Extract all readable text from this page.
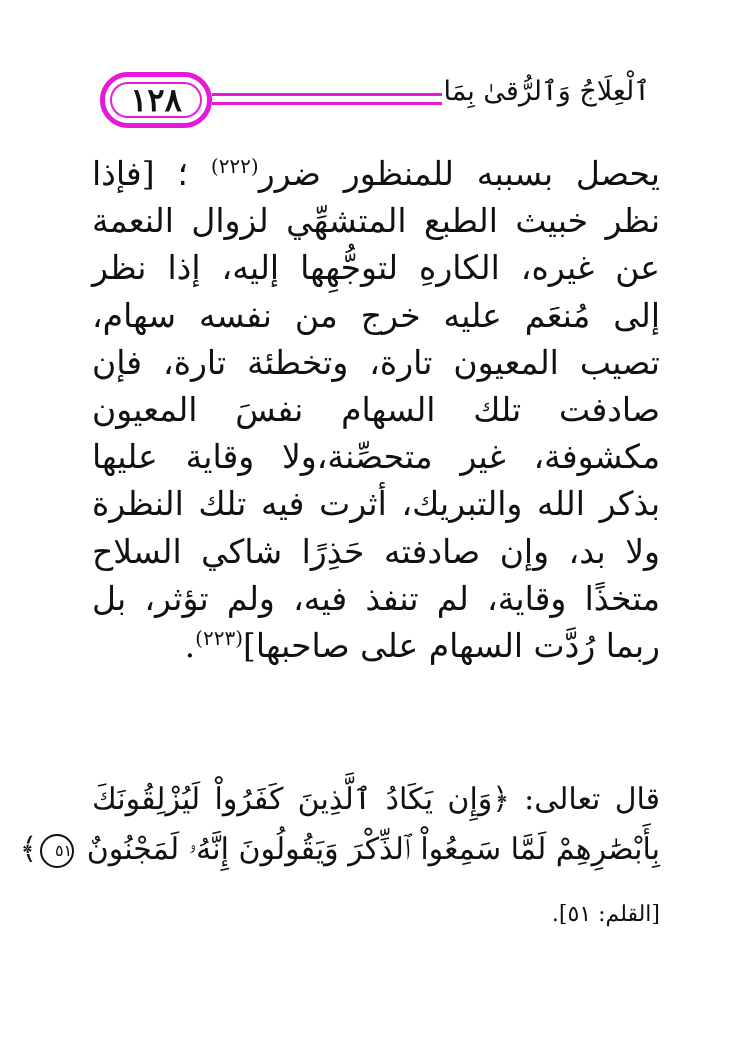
١٢٨	ٱلْعِلَاجُ وَٱلرُّقىٰ بِمَا
يحصل بسببه للمنظور ضرر$^{(٢٢٢)}$ ؛ [فإذا
نظر خبيث الطبع المتشهِّي لزوال النعمة
عن غيره، الكارهِ لتوجُّهِها إليه، إذا نظر
إلى مُنعَم عليه خرج من نفسه سهام،
تصيب المعيون تارة، وتخطئة تارة، فإن
صادفت تلك السهام نفسَ المعيون
مكشوفة، غير متحصِّنة،ولا وقاية عليها
بذكر الله والتبريك، أثرت فيه تلك النظرة
ولا بد، وإن صادفته حَذِرًا شاكي السلاح
متخذًا وقاية، لم تنفذ فيه، ولم تؤثر، بل
ربما رُدَّت السهام على صاحبها]$^{(٢٢٣)}$.
قال تعالى: ﴿وَإِن يَكَادُ ٱلَّذِينَ كَفَرُواْ لَيُزْلِقُونَكَ
بِأَبْصَٰرِهِمْ لَمَّا سَمِعُواْ ٱلذِّكْرَ وَيَقُولُونَ إِنَّهُۥ لَمَجْنُونٌ ٥١﴾
[القلم: ٥١].
